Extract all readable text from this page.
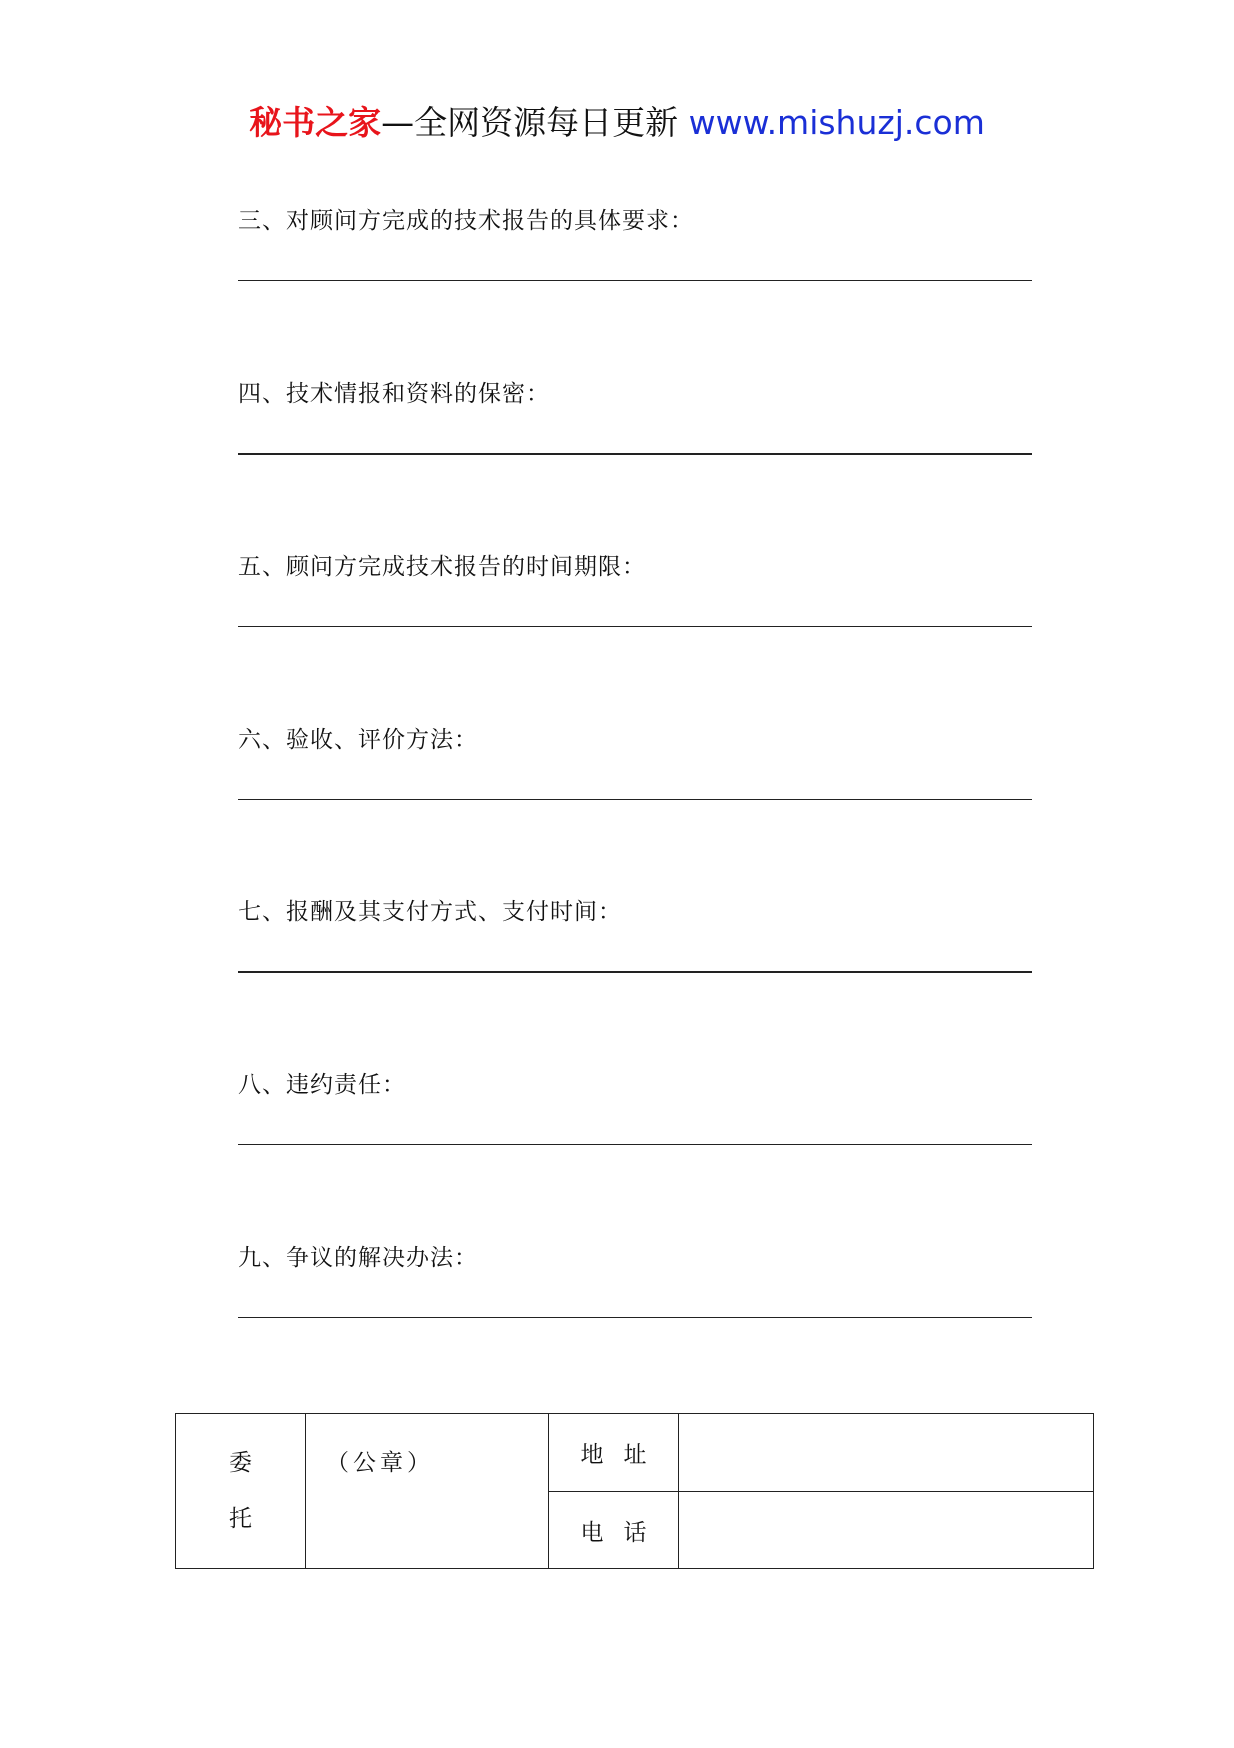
秘书之家—全网资源每日更新 www.mishuzj.com
三、对顾问方完成的技术报告的具体要求：
四、技术情报和资料的保密：
五、顾问方完成技术报告的时间期限：
六、验收、评价方法：
七、报酬及其支付方式、支付时间：
八、违约责任：
九、争议的解决办法：
委
托	（公章）	地址	
		电话	
